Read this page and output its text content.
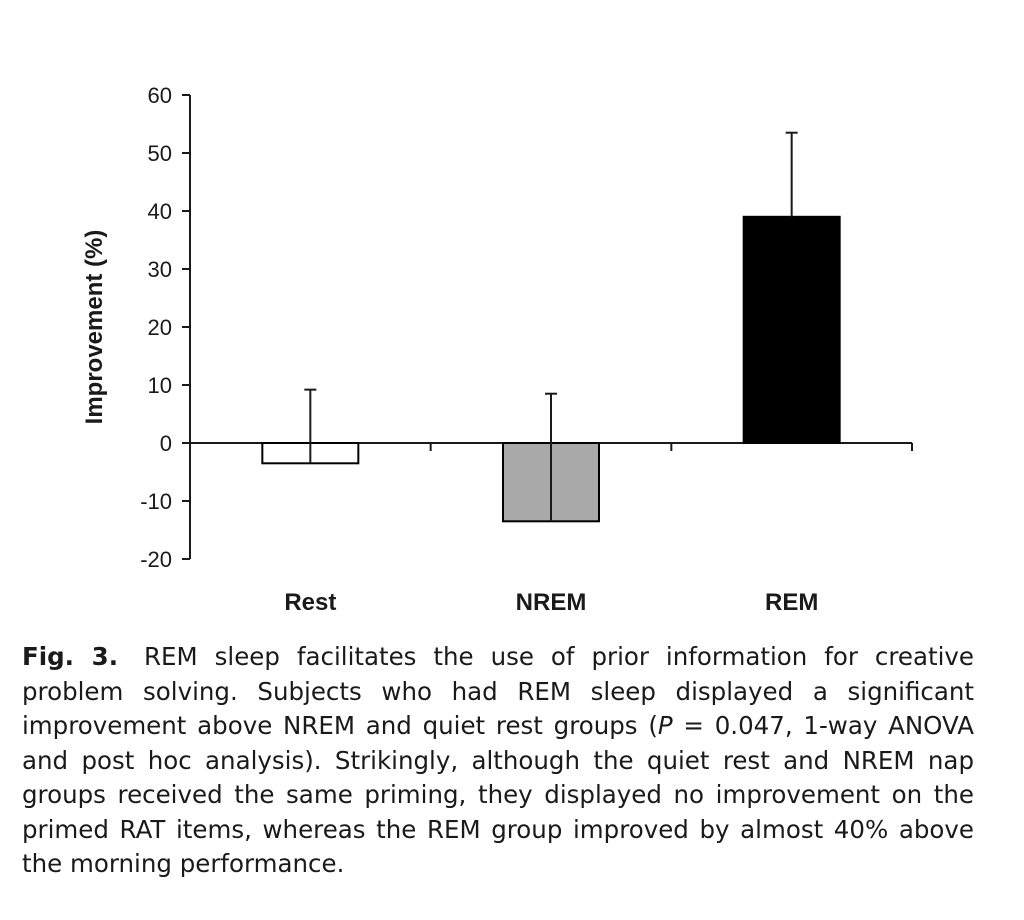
60
50
40
30
20
10
0
-10
-20
Rest	NREM	REM
Improvement (%)

Fig. 3. REM sleep facilitates the use of prior information for creative problem solving. Subjects who had REM sleep displayed a significant improvement above NREM and quiet rest groups (P = 0.047, 1-way ANOVA and post hoc analysis). Strikingly, although the quiet rest and NREM nap groups received the same priming, they displayed no improvement on the primed RAT items, whereas the REM group improved by almost 40% above the morning performance.
